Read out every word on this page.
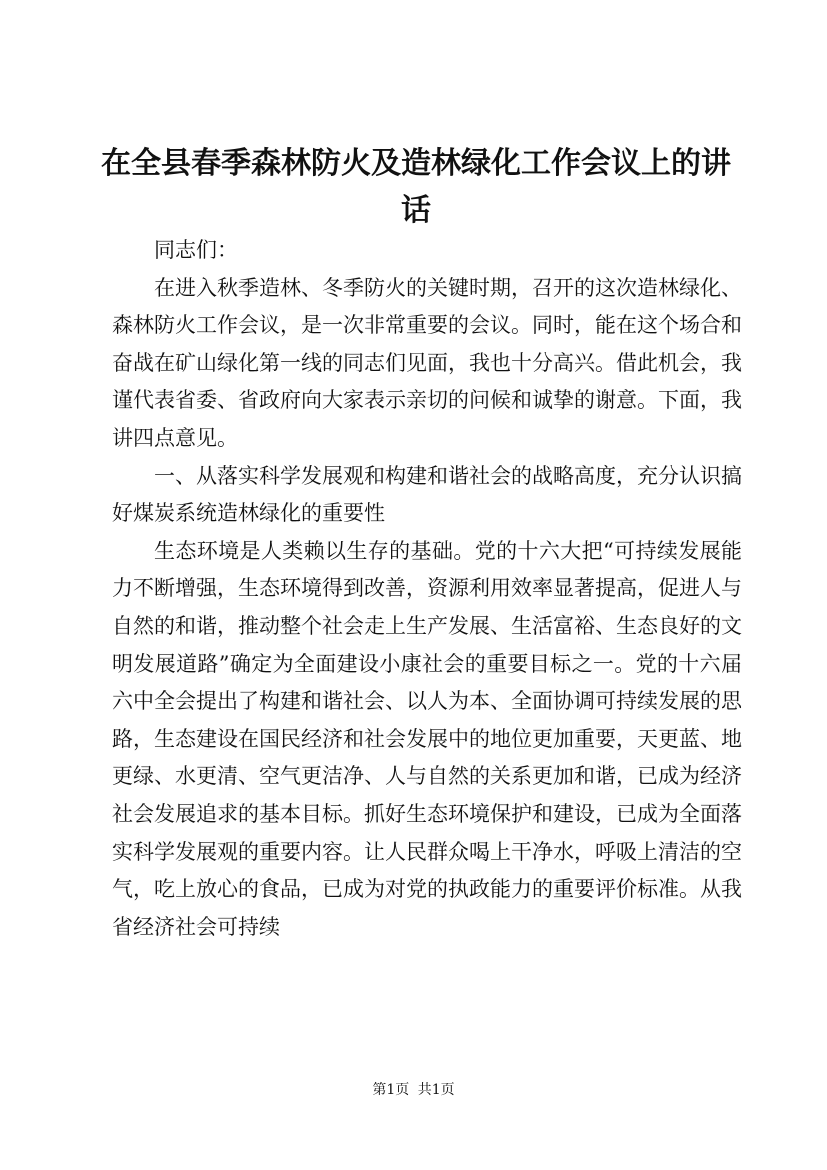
在全县春季森林防火及造林绿化工作会议上的讲话

同志们：

在进入秋季造林、冬季防火的关键时期，召开的这次造林绿化、森林防火工作会议，是一次非常重要的会议。同时，能在这个场合和奋战在矿山绿化第一线的同志们见面，我也十分高兴。借此机会，我谨代表省委、省政府向大家表示亲切的问候和诚挚的谢意。下面，我讲四点意见。

一、从落实科学发展观和构建和谐社会的战略高度，充分认识搞好煤炭系统造林绿化的重要性

生态环境是人类赖以生存的基础。党的十六大把“可持续发展能力不断增强，生态环境得到改善，资源利用效率显著提高，促进人与自然的和谐，推动整个社会走上生产发展、生活富裕、生态良好的文明发展道路”确定为全面建设小康社会的重要目标之一。党的十六届六中全会提出了构建和谐社会、以人为本、全面协调可持续发展的思路，生态建设在国民经济和社会发展中的地位更加重要，天更蓝、地更绿、水更清、空气更洁净、人与自然的关系更加和谐，已成为经济社会发展追求的基本目标。抓好生态环境保护和建设，已成为全面落实科学发展观的重要内容。让人民群众喝上干净水，呼吸上清洁的空气，吃上放心的食品，已成为对党的执政能力的重要评价标准。从我省经济社会可持续

第1页 共1页
